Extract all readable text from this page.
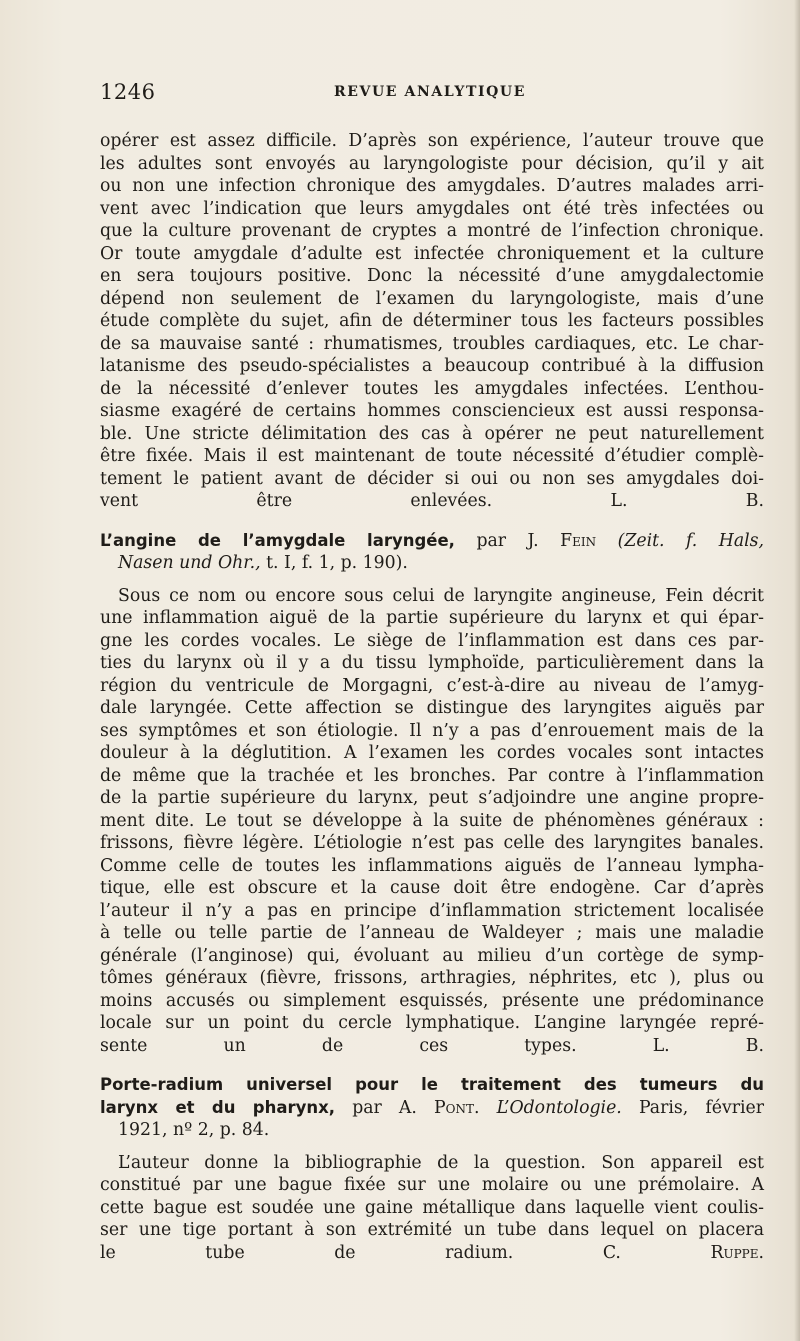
1246	REVUE ANALYTIQUE
opérer est assez difficile. D’après son expérience, l’auteur trouve que
les adultes sont envoyés au laryngologiste pour décision, qu’il y ait
ou non une infection chronique des amygdales. D’autres malades arri-
vent avec l’indication que leurs amygdales ont été très infectées ou
que la culture provenant de cryptes a montré de l’infection chronique.
Or toute amygdale d’adulte est infectée chroniquement et la culture
en sera toujours positive. Donc la nécessité d’une amygdalectomie
dépend non seulement de l’examen du laryngologiste, mais d’une
étude complète du sujet, afin de déterminer tous les facteurs possibles
de sa mauvaise santé : rhumatismes, troubles cardiaques, etc. Le char-
latanisme des pseudo-spécialistes a beaucoup contribué à la diffusion
de la nécessité d’enlever toutes les amygdales infectées. L’enthou-
siasme exagéré de certains hommes consciencieux est aussi responsa-
ble. Une stricte délimitation des cas à opérer ne peut naturellement
être fixée. Mais il est maintenant de toute nécessité d’étudier complè-
tement le patient avant de décider si oui ou non ses amygdales doi-
vent être enlevées.	L. B.
L’angine de l’amygdale laryngée, par J. Fein (Zeit. f. Hals,
Nasen und Ohr., t. I, f. 1, p. 190).
Sous ce nom ou encore sous celui de laryngite angineuse, Fein décrit
une inflammation aiguë de la partie supérieure du larynx et qui épar-
gne les cordes vocales. Le siège de l’inflammation est dans ces par-
ties du larynx où il y a du tissu lymphoïde, particulièrement dans la
région du ventricule de Morgagni, c’est-à-dire au niveau de l’amyg-
dale laryngée. Cette affection se distingue des laryngites aiguës par
ses symptômes et son étiologie. Il n’y a pas d’enrouement mais de la
douleur à la déglutition. A l’examen les cordes vocales sont intactes
de même que la trachée et les bronches. Par contre à l’inflammation
de la partie supérieure du larynx, peut s’adjoindre une angine propre-
ment dite. Le tout se développe à la suite de phénomènes généraux :
frissons, fièvre légère. L’étiologie n’est pas celle des laryngites banales.
Comme celle de toutes les inflammations aiguës de l’anneau lympha-
tique, elle est obscure et la cause doit être endogène. Car d’après
l’auteur il n’y a pas en principe d’inflammation strictement localisée
à telle ou telle partie de l’anneau de Waldeyer ; mais une maladie
générale (l’anginose) qui, évoluant au milieu d’un cortège de symp-
tômes généraux (fièvre, frissons, arthragies, néphrites, etc ), plus ou
moins accusés ou simplement esquissés, présente une prédominance
locale sur un point du cercle lymphatique. L’angine laryngée repré-
sente un de ces types.	L. B.
Porte-radium universel pour le traitement des tumeurs du
larynx et du pharynx, par A. Pont. L’Odontologie. Paris, février
1921, nº 2, p. 84.
L’auteur donne la bibliographie de la question. Son appareil est
constitué par une bague fixée sur une molaire ou une prémolaire. A
cette bague est soudée une gaine métallique dans laquelle vient coulis-
ser une tige portant à son extrémité un tube dans lequel on placera
le tube de radium.	C. Ruppe.
